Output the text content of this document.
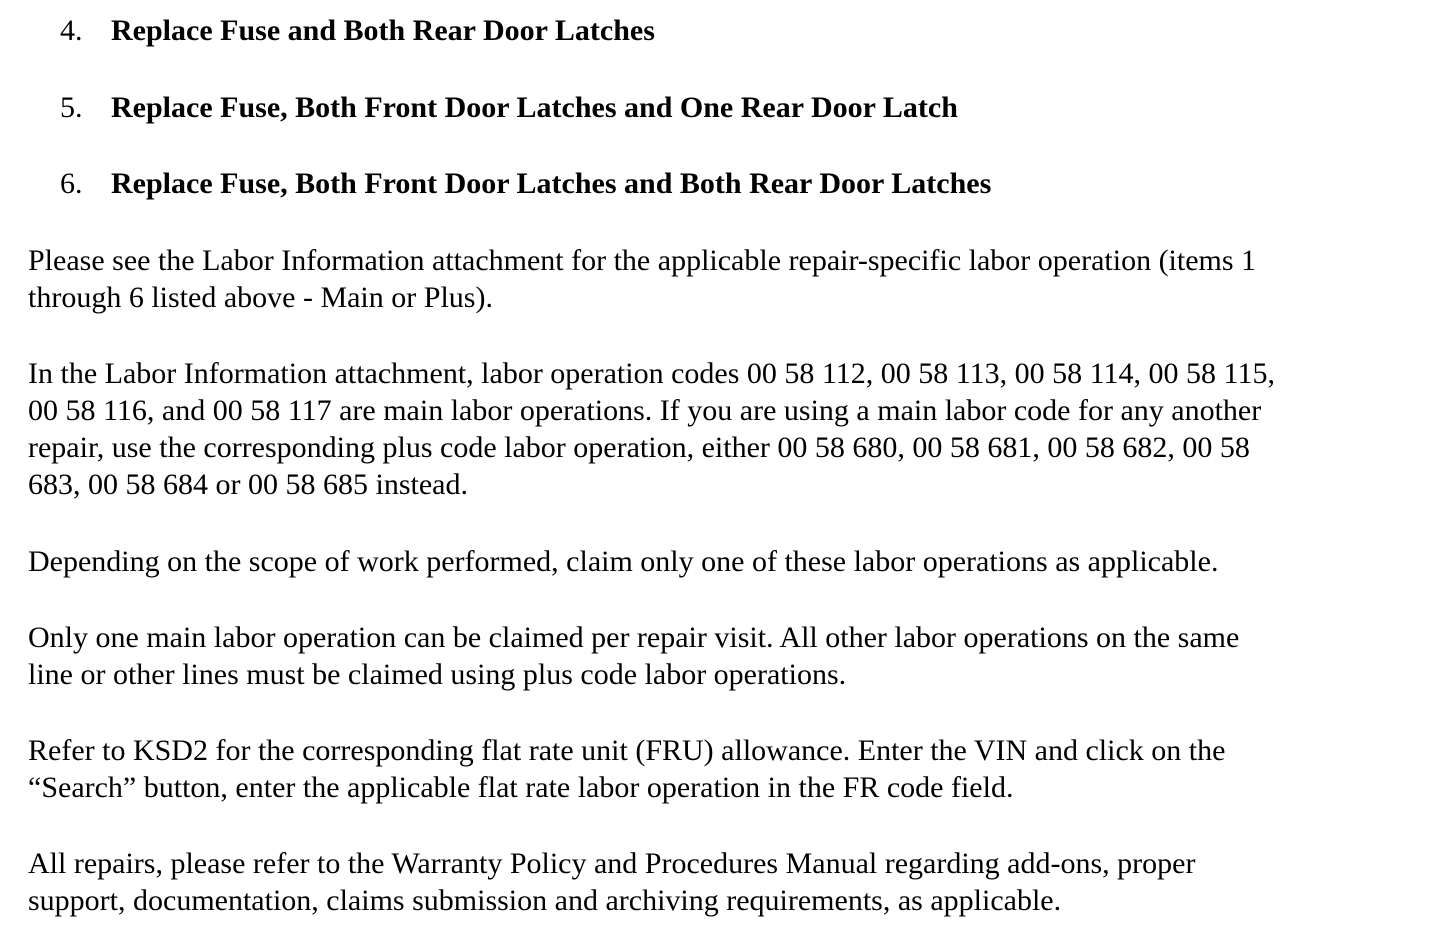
4. Replace Fuse and Both Rear Door Latches
5. Replace Fuse, Both Front Door Latches and One Rear Door Latch
6. Replace Fuse, Both Front Door Latches and Both Rear Door Latches
Please see the Labor Information attachment for the applicable repair-specific labor operation (items 1
through 6 listed above - Main or Plus).
In the Labor Information attachment, labor operation codes 00 58 112, 00 58 113, 00 58 114, 00 58 115,
00 58 116, and 00 58 117 are main labor operations. If you are using a main labor code for any another
repair, use the corresponding plus code labor operation, either 00 58 680, 00 58 681, 00 58 682, 00 58
683, 00 58 684 or 00 58 685 instead.
Depending on the scope of work performed, claim only one of these labor operations as applicable.
Only one main labor operation can be claimed per repair visit. All other labor operations on the same
line or other lines must be claimed using plus code labor operations.
Refer to KSD2 for the corresponding flat rate unit (FRU) allowance. Enter the VIN and click on the
“Search” button, enter the applicable flat rate labor operation in the FR code field.
All repairs, please refer to the Warranty Policy and Procedures Manual regarding add-ons, proper
support, documentation, claims submission and archiving requirements, as applicable.
